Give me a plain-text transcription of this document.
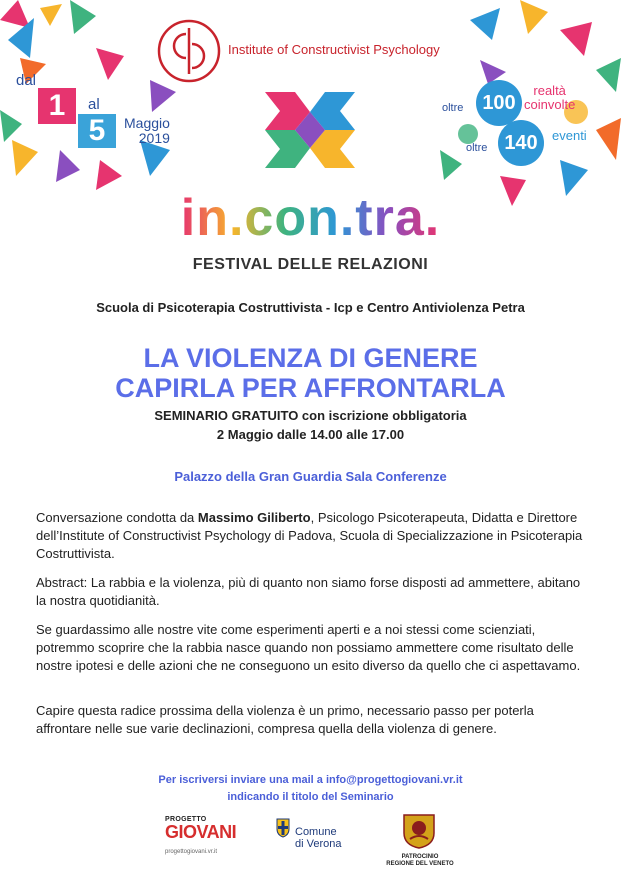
Institute of Constructivist Psychology
dal
1	al
5	Maggio
2019
oltre 100
realtà
coinvolte
oltre 140	eventi
in.con.tra.
FESTIVAL DELLE RELAZIONI
Scuola di Psicoterapia Costruttivista - Icp e Centro Antiviolenza Petra
LA VIOLENZA DI GENERE
CAPIRLA PER AFFRONTARLA
SEMINARIO GRATUITO con iscrizione obbligatoria
2 Maggio dalle 14.00 alle 17.00
Palazzo della Gran Guardia Sala Conferenze
Conversazione condotta da Massimo Giliberto, Psicologo Psicoterapeuta, Didatta e Direttore dell’Institute of Constructivist Psychology di Padova, Scuola di Specializzazione in Psicoterapia Costruttivista.
Abstract: La rabbia e la violenza, più di quanto non siamo forse disposti ad ammettere, abitano la nostra quotidianità.
Se guardassimo alle nostre vite come esperimenti aperti e a noi stessi come scienziati, potremmo scoprire che la rabbia nasce quando non possiamo ammettere come risultato delle nostre ipotesi e delle azioni che ne conseguono un esito diverso da quello che ci aspettavamo.
Capire questa radice prossima della violenza è un primo, necessario passo per poterla affrontare nelle sue varie declinazioni, compresa quella della violenza di genere.
Per iscriversi inviare una mail a info@progettogiovani.vr.it
indicando il titolo del Seminario
PROGETTO
GIOVANI
progettogiovani.vr.it
Comune
di Verona
PATROCINIO
REGIONE DEL VENETO
